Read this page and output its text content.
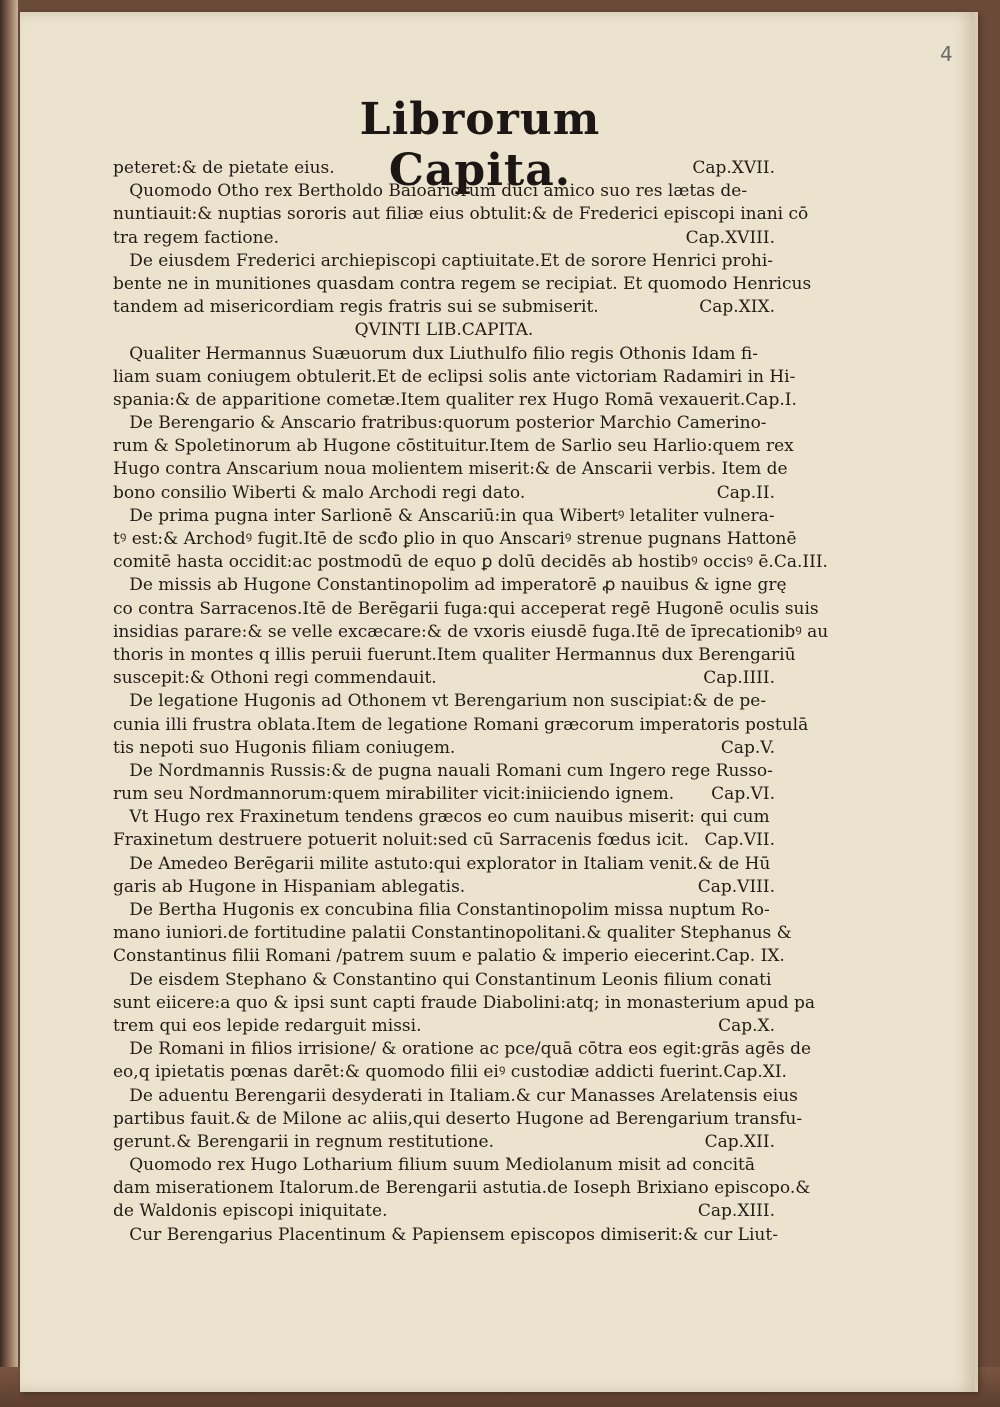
4
Librorum Capita.
peteret:& de pietate eius.	Cap.XVII.
Quomodo Otho rex Bertholdo Baioariorum duci amico suo res lætas de-
nuntiauit:& nuptias sororis aut filiæ eius obtulit:& de Frederici episcopi inani cō
tra regem factione.	Cap.XVIII.
De eiusdem Frederici archiepiscopi captiuitate.Et de sorore Henrici prohi-
bente ne in munitiones quasdam contra regem se recipiat. Et quomodo Henricus
tandem ad misericordiam regis fratris sui se submiserit.	Cap.XIX.
QVINTI LIB.CAPITA.
Qualiter Hermannus Suæuorum dux Liuthulfo filio regis Othonis Idam fi-
liam suam coniugem obtulerit.Et de eclipsi solis ante victoriam Radamiri in Hi-
spania:& de apparitione cometæ.Item qualiter rex Hugo Romā vexauerit. Cap.I.
De Berengario & Anscario fratribus:quorum posterior Marchio Camerino-
rum & Spoletinorum ab Hugone cōstituitur.Item de Sarlio seu Harlio:quem rex
Hugo contra Anscarium noua molientem miserit:& de Anscarii verbis. Item de
bono consilio Wiberti & malo Archodi regi dato.	Cap.II.
De prima pugna inter Sarlionē & Anscariū:in qua Wibertꝰ letaliter vulnera-
tꝰ est:& Archodꝰ fugit.Itē de scđo ꝑlio in quo Anscariꝰ strenue pugnans Hattonē
comitē hasta occidit:ac postmodū de equo ꝑ dolū decidēs ab hostibꝰ occisꝰ ē. Ca.III.
De missis ab Hugone Constantinopolim ad imperatorē ꝓ nauibus & igne grę
co contra Sarracenos.Itē de Berēgarii fuga:qui acceperat regē Hugonē oculis suis
insidias parare:& se velle excæcare:& de vxoris eiusdē fuga.Itē de īprecationibꝰ au
thoris in montes q illis peruii fuerunt.Item qualiter Hermannus dux Berengariū
suscepit:& Othoni regi commendauit.	Cap.IIII.
De legatione Hugonis ad Othonem vt Berengarium non suscipiat:& de pe-
cunia illi frustra oblata.Item de legatione Romani græcorum imperatoris postulā
tis nepoti suo Hugonis filiam coniugem.	Cap.V.
De Nordmannis Russis:& de pugna nauali Romani cum Ingero rege Russo-
rum seu Nordmannorum:quem mirabiliter vicit:iniiciendo ignem. Cap.VI.
Vt Hugo rex Fraxinetum tendens græcos eo cum nauibus miserit: qui cum
Fraxinetum destruere potuerit noluit:sed cū Sarracenis fœdus icit. Cap.VII.
De Amedeo Berēgarii milite astuto:qui explorator in Italiam venit.& de Hū
garis ab Hugone in Hispaniam ablegatis.	Cap.VIII.
De Bertha Hugonis ex concubina filia Constantinopolim missa nuptum Ro-
mano iuniori.de fortitudine palatii Constantinopolitani.& qualiter Stephanus &
Constantinus filii Romani /patrem suum e palatio & imperio eiecerint. Cap. IX.
De eisdem Stephano & Constantino qui Constantinum Leonis filium conati
sunt eiicere:a quo & ipsi sunt capti fraude Diabolini:atq; in monasterium apud pa
trem qui eos lepide redarguit missi.	Cap.X.
De Romani in filios irrisione/ & oratione ac pce/quā cōtra eos egit:grās agēs de
eo,q ipietatis pœnas darēt:& quomodo filii eiꝰ custodiæ addicti fuerint. Cap.XI.
De aduentu Berengarii desyderati in Italiam.& cur Manasses Arelatensis eius
partibus fauit.& de Milone ac aliis,qui deserto Hugone ad Berengarium transfu-
gerunt.& Berengarii in regnum restitutione.	Cap.XII.
Quomodo rex Hugo Lotharium filium suum Mediolanum misit ad concitā
dam miserationem Italorum.de Berengarii astutia.de Ioseph Brixiano episcopo.&
de Waldonis episcopi iniquitate.	Cap.XIII.
Cur Berengarius Placentinum & Papiensem episcopos dimiserit:& cur Liut-
